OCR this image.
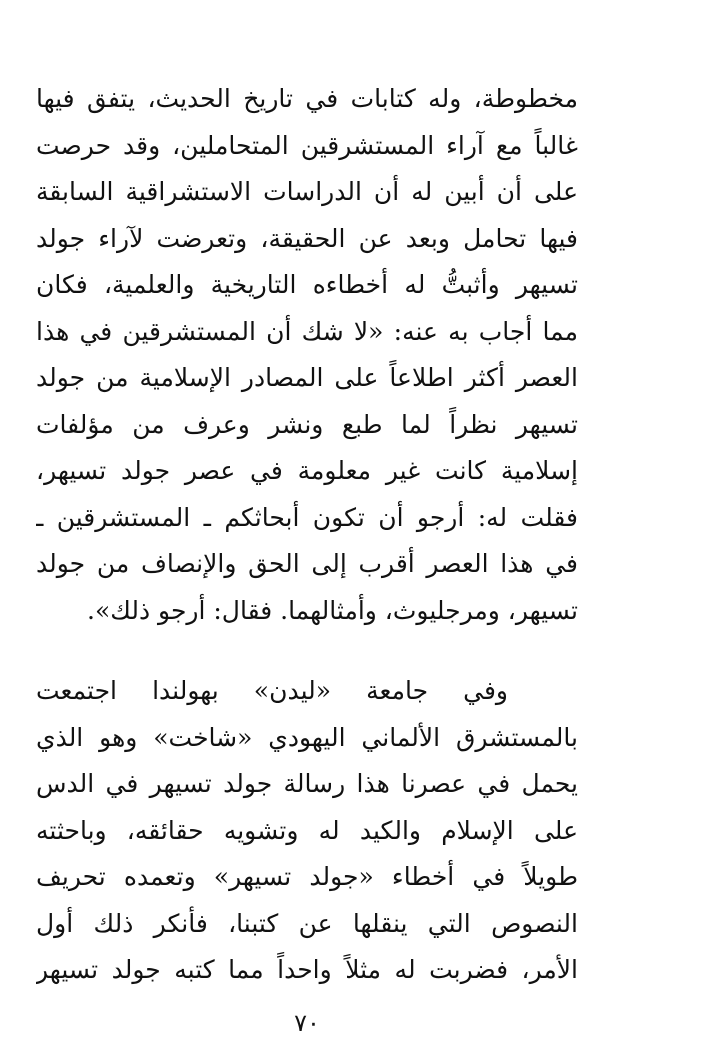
مخطوطة، وله كتابات في تاريخ الحديث، يتفق فيها
غالباً مع آراء المستشرقين المتحاملين، وقد حرصت
على أن أبين له أن الدراسات الاستشراقية السابقة
فيها تحامل وبعد عن الحقيقة، وتعرضت لآراء جولد
تسيهر وأثبتُّ له أخطاءه التاريخية والعلمية، فكان
مما أجاب به عنه: «لا شك أن المستشرقين في هذا
العصر أكثر اطلاعاً على المصادر الإسلامية من جولد
تسيهر نظراً لما طبع ونشر وعرف من مؤلفات
إسلامية كانت غير معلومة في عصر جولد تسيهر،
فقلت له: أرجو أن تكون أبحاثكم ـ المستشرقين ـ
في هذا العصر أقرب إلى الحق والإنصاف من جولد
تسيهر، ومرجليوث، وأمثالهما. فقال: أرجو ذلك».
وفي جامعة «ليدن» بهولندا اجتمعت
بالمستشرق الألماني اليهودي «شاخت» وهو الذي
يحمل في عصرنا هذا رسالة جولد تسيهر في الدس
على الإسلام والكيد له وتشويه حقائقه، وباحثته
طويلاً في أخطاء «جولد تسيهر» وتعمده تحريف
النصوص التي ينقلها عن كتبنا، فأنكر ذلك أول
الأمر، فضربت له مثلاً واحداً مما كتبه جولد تسيهر
٧٠
